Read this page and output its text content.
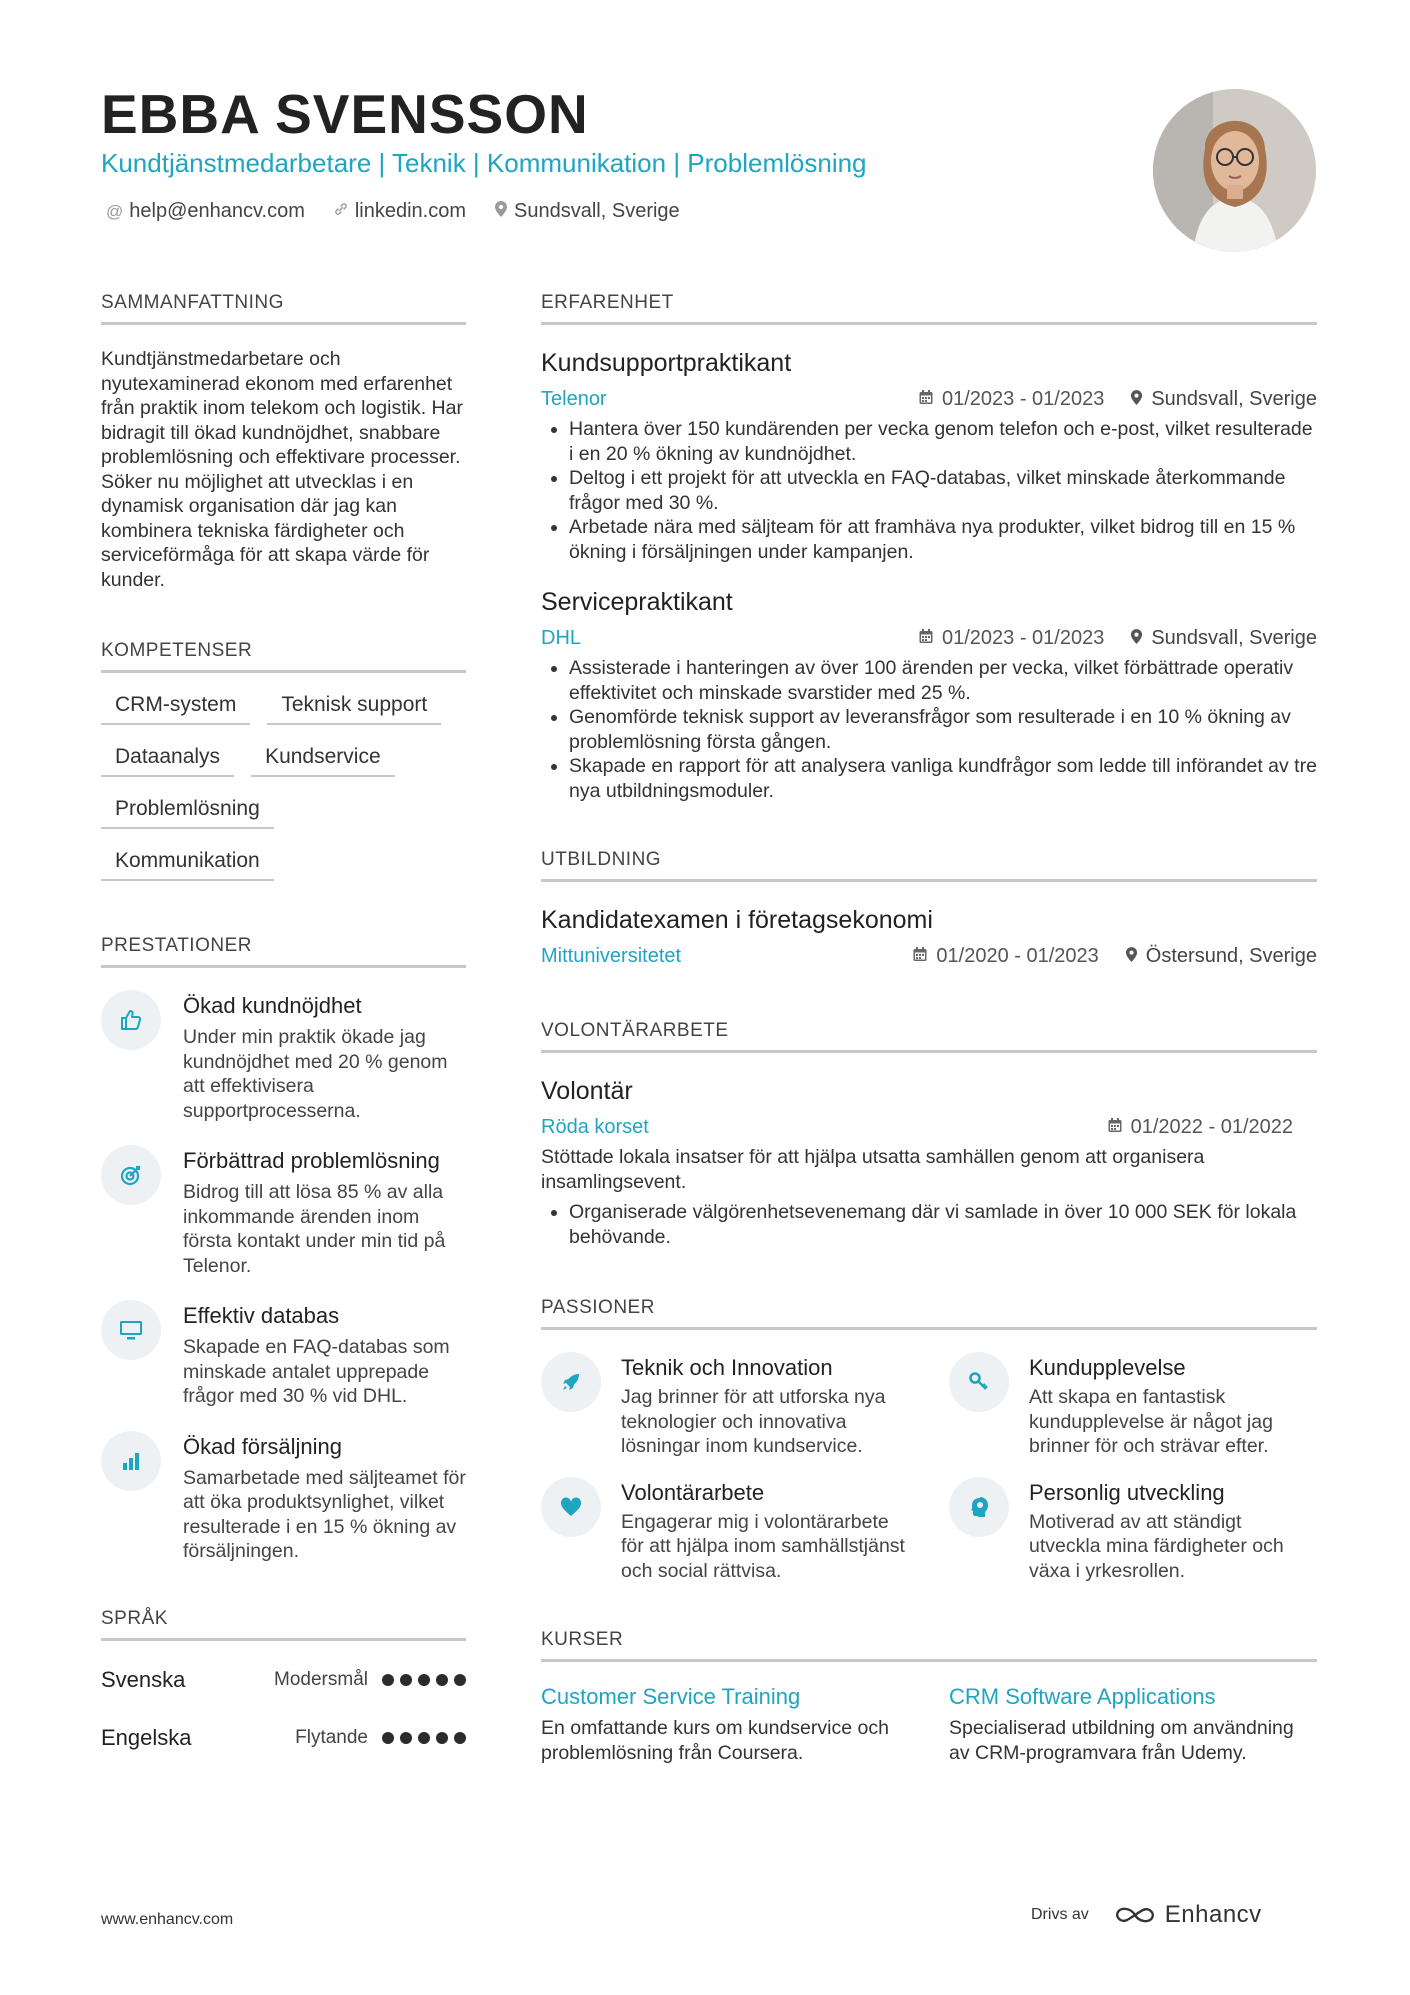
EBBA SVENSSON
Kundtjänstmedarbetare | Teknik | Kommunikation | Problemlösning
@ help@enhancv.com	linkedin.com Sundsvall, Sverige
SAMMANFATTNING
Kundtjänstmedarbetare och nyutexaminerad ekonom med erfarenhet från praktik inom telekom och logistik. Har bidragit till ökad kundnöjdhet, snabbare problemlösning och effektivare processer. Söker nu möjlighet att utvecklas i en dynamisk organisation där jag kan kombinera tekniska färdigheter och serviceförmåga för att skapa värde för kunder.
KOMPETENSER
CRM-system	Teknisk support
Dataanalys	Kundservice
Problemlösning
Kommunikation
PRESTATIONER
Ökad kundnöjdhet
Under min praktik ökade jag kundnöjdhet med 20 % genom att effektivisera supportprocesserna.
Förbättrad problemlösning
Bidrog till att lösa 85 % av alla inkommande ärenden inom första kontakt under min tid på Telenor.
Effektiv databas
Skapade en FAQ-databas som minskade antalet upprepade frågor med 30 % vid DHL.
Ökad försäljning
Samarbetade med säljteamet för att öka produktsynlighet, vilket resulterade i en 15 % ökning av försäljningen.
SPRÅK
Svenska	Modersmål
Engelska	Flytande
ERFARENHET
Kundsupportpraktikant
Telenor	01/2023 - 01/2023 Sundsvall, Sverige
• Hantera över 150 kundärenden per vecka genom telefon och e-post, vilket resulterade i en 20 % ökning av kundnöjdhet.
• Deltog i ett projekt för att utveckla en FAQ-databas, vilket minskade återkommande frågor med 30 %.
• Arbetade nära med säljteam för att framhäva nya produkter, vilket bidrog till en 15 % ökning i försäljningen under kampanjen.
Servicepraktikant
DHL	01/2023 - 01/2023 Sundsvall, Sverige
• Assisterade i hanteringen av över 100 ärenden per vecka, vilket förbättrade operativ effektivitet och minskade svarstider med 25 %.
• Genomförde teknisk support av leveransfrågor som resulterade i en 10 % ökning av problemlösning första gången.
• Skapade en rapport för att analysera vanliga kundfrågor som ledde till införandet av tre nya utbildningsmoduler.
UTBILDNING
Kandidatexamen i företagsekonomi
Mittuniversitetet	01/2020 - 01/2023 Östersund, Sverige
VOLONTÄRARBETE
Volontär
Röda korset	01/2022 - 01/2022
Stöttade lokala insatser för att hjälpa utsatta samhällen genom att organisera insamlingsevent.
• Organiserade välgörenhetsevenemang där vi samlade in över 10 000 SEK för lokala behövande.
PASSIONER
Teknik och Innovation
Jag brinner för att utforska nya teknologier och innovativa lösningar inom kundservice.
Kundupplevelse
Att skapa en fantastisk kundupplevelse är något jag brinner för och strävar efter.
Volontärarbete
Engagerar mig i volontärarbete för att hjälpa inom samhällstjänst och social rättvisa.
Personlig utveckling
Motiverad av att ständigt utveckla mina färdigheter och växa i yrkesrollen.
KURSER
Customer Service Training
En omfattande kurs om kundservice och problemlösning från Coursera.
CRM Software Applications
Specialiserad utbildning om användning av CRM-programvara från Udemy.
www.enhancv.com	Drivs av	Enhancv
